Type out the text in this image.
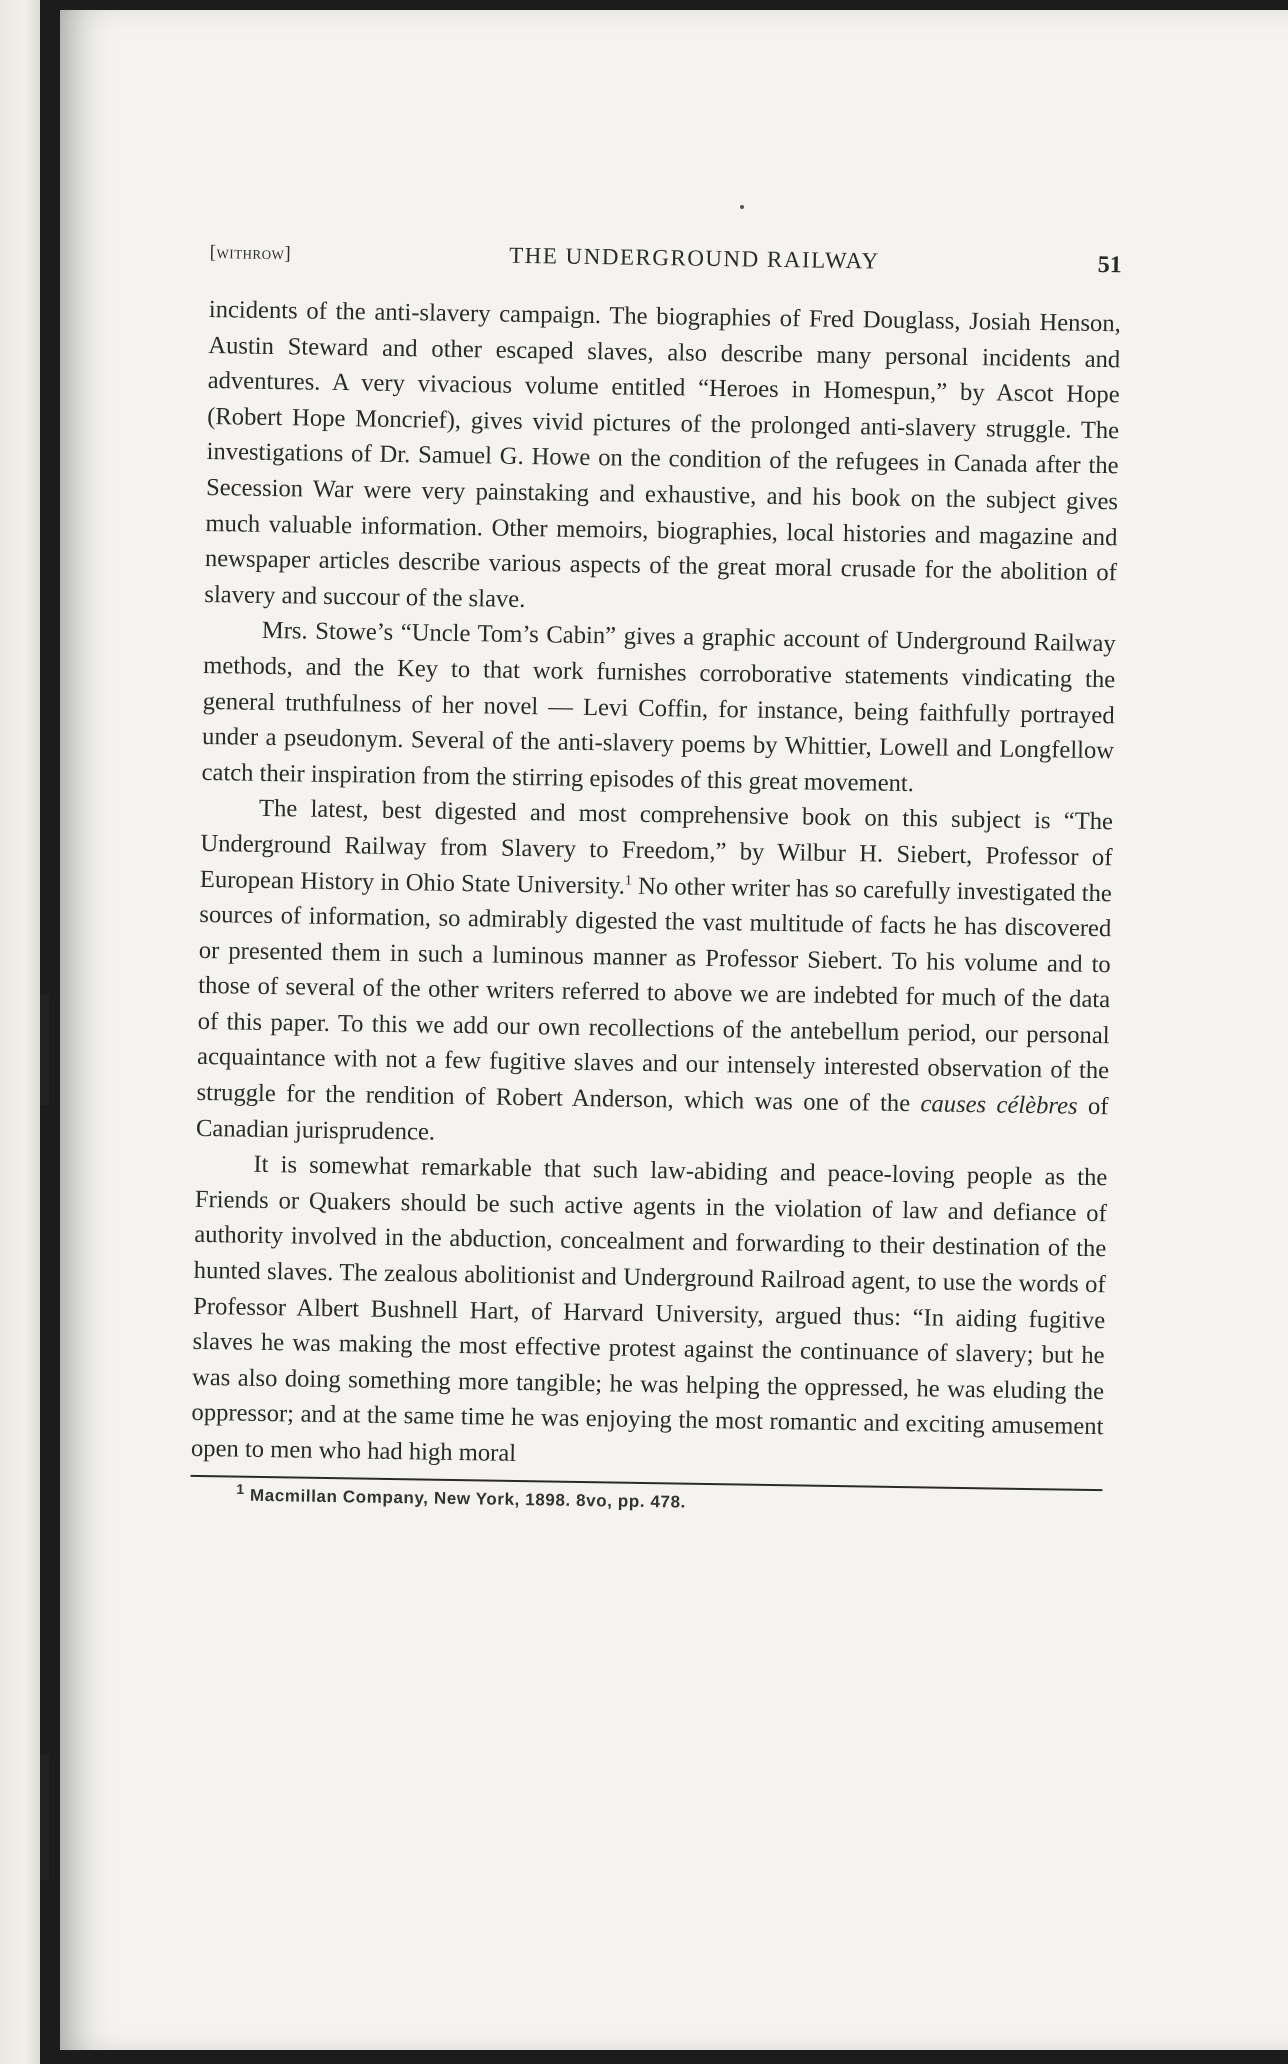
[withrow]	THE UNDERGROUND RAILWAY	51

incidents of the anti-slavery campaign. The biographies of Fred Douglass, Josiah Henson, Austin Steward and other escaped slaves, also describe many personal incidents and adventures. A very vivacious volume entitled “Heroes in Homespun,” by Ascot Hope (Robert Hope Moncrief), gives vivid pictures of the prolonged anti-slavery struggle. The investigations of Dr. Samuel G. Howe on the condition of the refugees in Canada after the Secession War were very painstaking and exhaustive, and his book on the subject gives much valuable information. Other memoirs, biographies, local histories and magazine and newspaper articles describe various aspects of the great moral crusade for the abolition of slavery and succour of the slave.

Mrs. Stowe’s “Uncle Tom’s Cabin” gives a graphic account of Underground Railway methods, and the Key to that work furnishes corroborative statements vindicating the general truthfulness of her novel — Levi Coffin, for instance, being faithfully portrayed under a pseudonym. Several of the anti-slavery poems by Whittier, Lowell and Longfellow catch their inspiration from the stirring episodes of this great movement.

The latest, best digested and most comprehensive book on this subject is “The Underground Railway from Slavery to Freedom,” by Wilbur H. Siebert, Professor of European History in Ohio State University.$^1$ No other writer has so carefully investigated the sources of information, so admirably digested the vast multitude of facts he has discovered or presented them in such a luminous manner as Professor Siebert. To his volume and to those of several of the other writers referred to above we are indebted for much of the data of this paper. To this we add our own recollections of the antebellum period, our personal acquaintance with not a few fugitive slaves and our intensely interested observation of the struggle for the rendition of Robert Anderson, which was one of the causes célèbres of Canadian jurisprudence.

It is somewhat remarkable that such law-abiding and peace-loving people as the Friends or Quakers should be such active agents in the violation of law and defiance of authority involved in the abduction, concealment and forwarding to their destination of the hunted slaves. The zealous abolitionist and Underground Railroad agent, to use the words of Professor Albert Bushnell Hart, of Harvard University, argued thus: “In aiding fugitive slaves he was making the most effective protest against the continuance of slavery; but he was also doing something more tangible; he was helping the oppressed, he was eluding the oppressor; and at the same time he was enjoying the most romantic and exciting amusement open to men who had high moral

$^1$ Macmillan Company, New York, 1898. 8vo, pp. 478.
